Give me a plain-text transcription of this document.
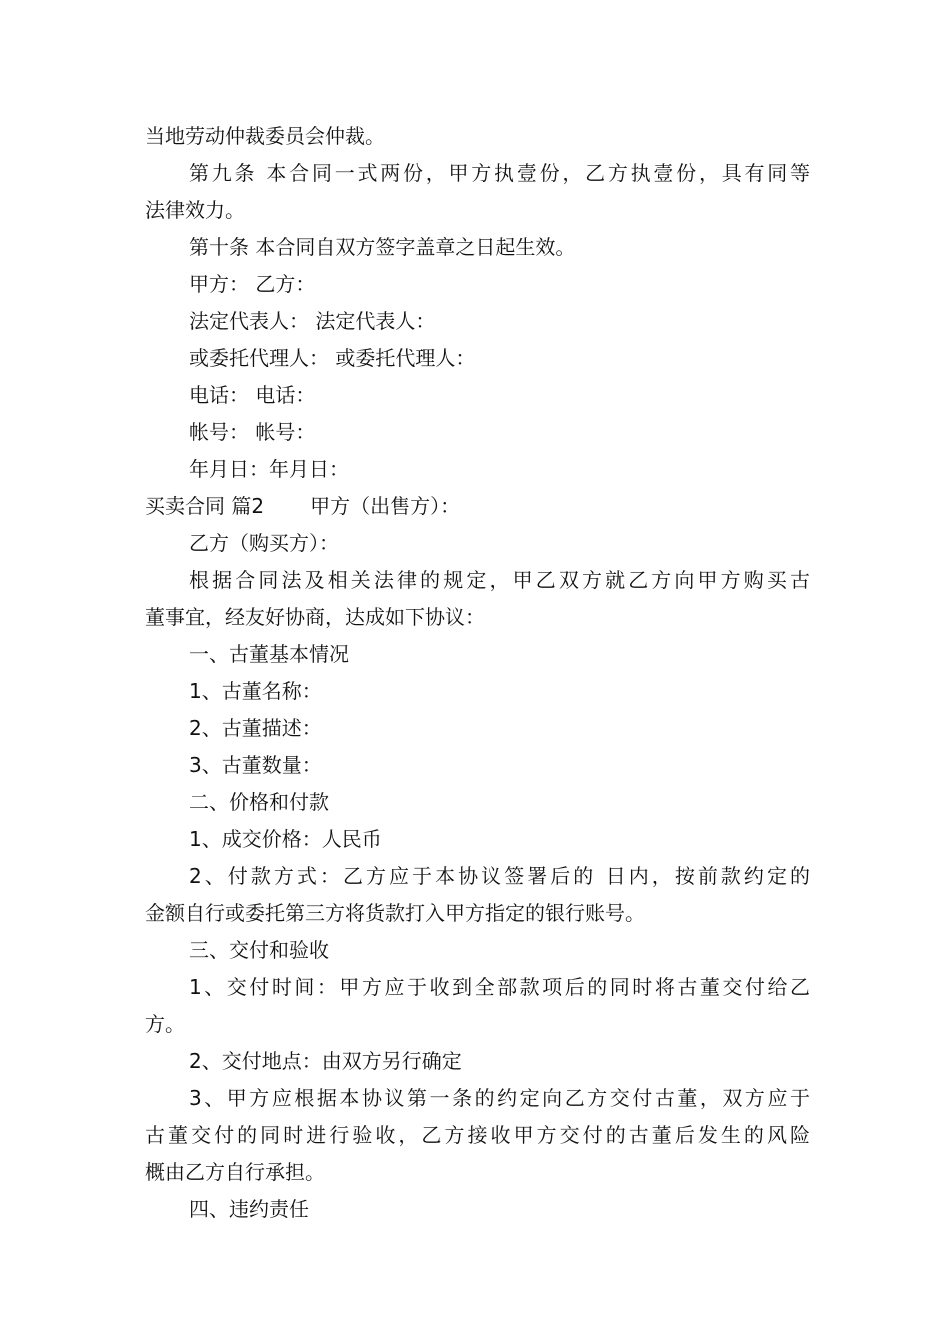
当地劳动仲裁委员会仲裁。
第九条 本合同一式两份，甲方执壹份，乙方执壹份，具有同等
法律效力。
第十条 本合同自双方签字盖章之日起生效。
甲方： 乙方：
法定代表人： 法定代表人：
或委托代理人： 或委托代理人：
电话： 电话：
帐号： 帐号：
年月日：年月日：
买卖合同 篇2 甲方（出售方）：
乙方（购买方）：
根据合同法及相关法律的规定，甲乙双方就乙方向甲方购买古
董事宜，经友好协商，达成如下协议：
一、古董基本情况
1、古董名称：
2、古董描述：
3、古董数量：
二、价格和付款
1、成交价格：人民币
2、付款方式：乙方应于本协议签署后的 日内，按前款约定的
金额自行或委托第三方将货款打入甲方指定的银行账号。
三、交付和验收
1、交付时间：甲方应于收到全部款项后的同时将古董交付给乙
方。
2、交付地点：由双方另行确定
3、甲方应根据本协议第一条的约定向乙方交付古董，双方应于
古董交付的同时进行验收，乙方接收甲方交付的古董后发生的风险
概由乙方自行承担。
四、违约责任
